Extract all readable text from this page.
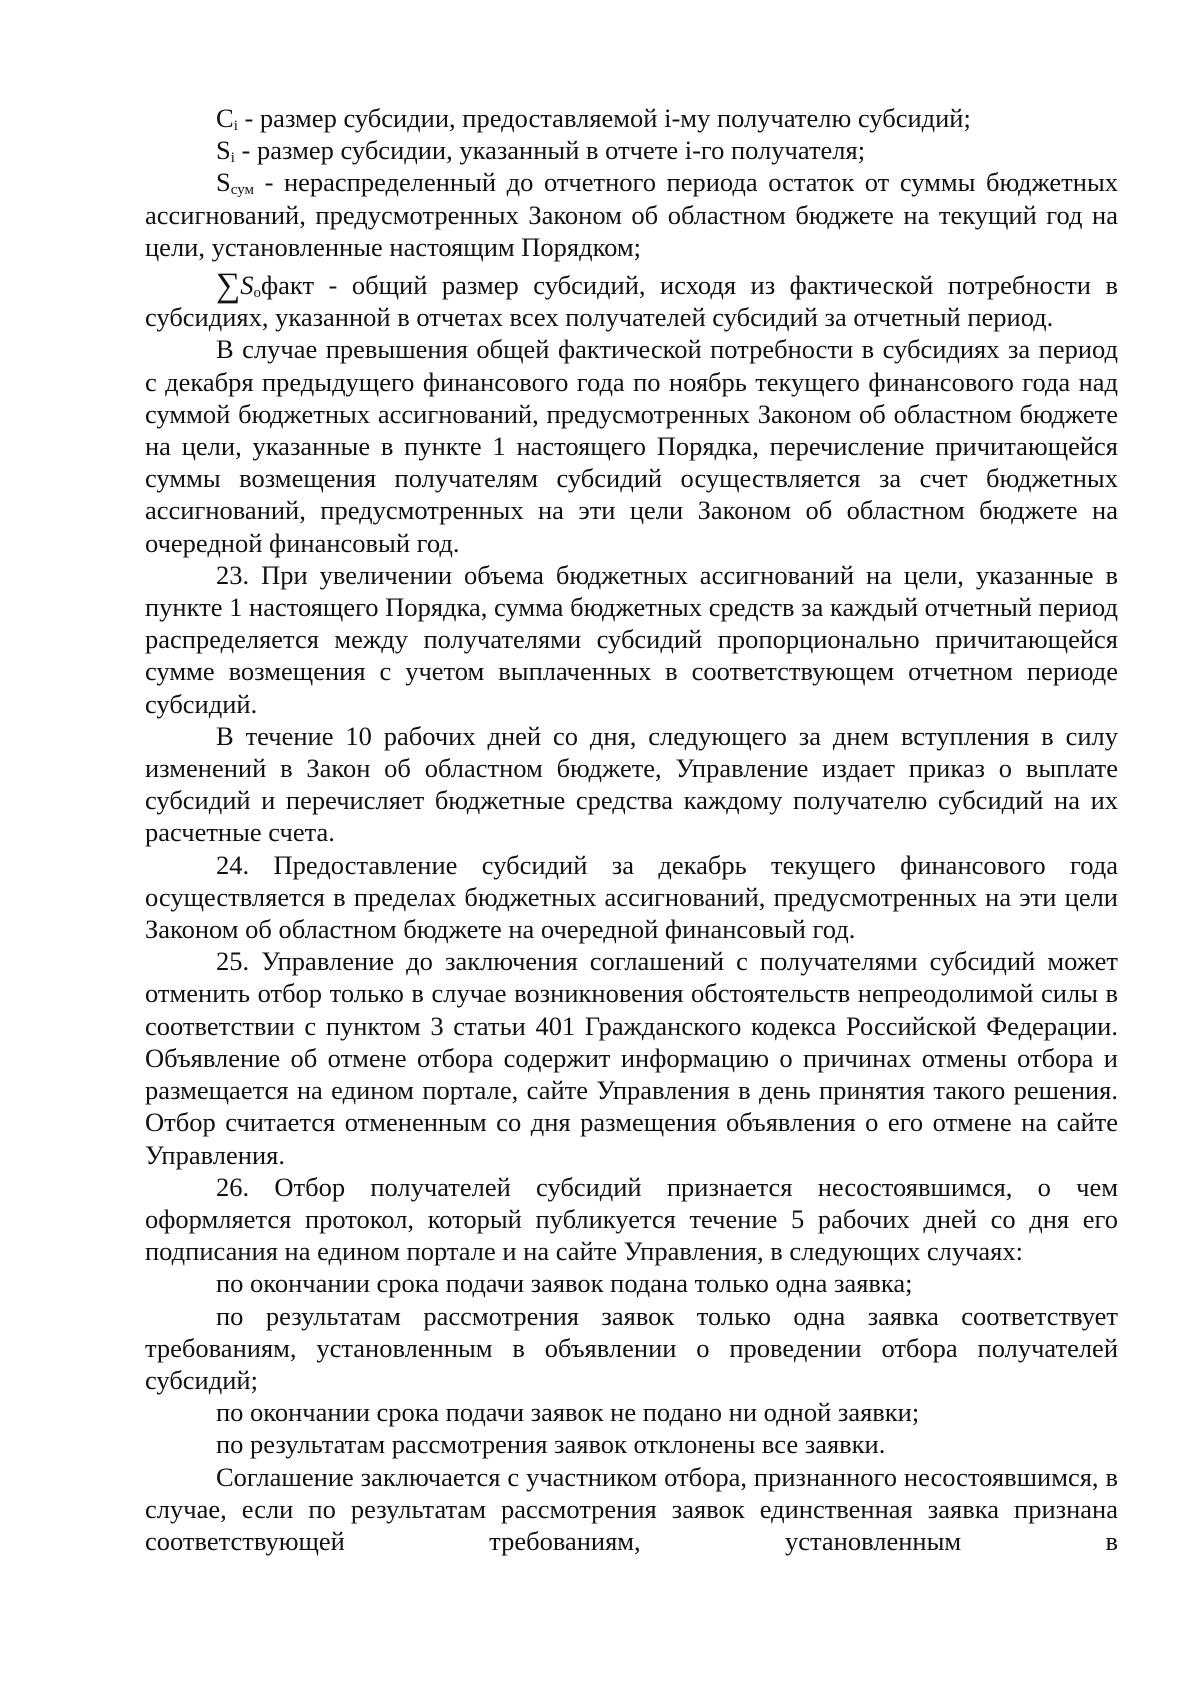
$C_i$ - размер субсидии, предоставляемой i-му получателю субсидий;

$S_i$ - размер субсидии, указанный в отчете i-го получателя;

$S_{сум}$ - нераспределенный до отчетного периода остаток от суммы бюджетных ассигнований, предусмотренных Законом об областном бюджете на текущий год на цели, установленные настоящим Порядком;

$\sum S_oфакт$ - общий размер субсидий, исходя из фактической потребности в субсидиях, указанной в отчетах всех получателей субсидий за отчетный период.

В случае превышения общей фактической потребности в субсидиях за период с декабря предыдущего финансового года по ноябрь текущего финансового года над суммой бюджетных ассигнований, предусмотренных Законом об областном бюджете на цели, указанные в пункте 1 настоящего Порядка, перечисление причитающейся суммы возмещения получателям субсидий осуществляется за счет бюджетных ассигнований, предусмотренных на эти цели Законом об областном бюджете на очередной финансовый год.

23. При увеличении объема бюджетных ассигнований на цели, указанные в пункте 1 настоящего Порядка, сумма бюджетных средств за каждый отчетный период распределяется между получателями субсидий пропорционально причитающейся сумме возмещения с учетом выплаченных в соответствующем отчетном периоде субсидий.

В течение 10 рабочих дней со дня, следующего за днем вступления в силу изменений в Закон об областном бюджете, Управление издает приказ о выплате субсидий и перечисляет бюджетные средства каждому получателю субсидий на их расчетные счета.

24. Предоставление субсидий за декабрь текущего финансового года осуществляется в пределах бюджетных ассигнований, предусмотренных на эти цели Законом об областном бюджете на очередной финансовый год.

25. Управление до заключения соглашений с получателями субсидий может отменить отбор только в случае возникновения обстоятельств непреодолимой силы в соответствии с пунктом 3 статьи 401 Гражданского кодекса Российской Федерации. Объявление об отмене отбора содержит информацию о причинах отмены отбора и размещается на едином портале, сайте Управления в день принятия такого решения. Отбор считается отмененным со дня размещения объявления о его отмене на сайте Управления.

26. Отбор получателей субсидий признается несостоявшимся, о чем оформляется протокол, который публикуется течение 5 рабочих дней со дня его подписания на едином портале и на сайте Управления, в следующих случаях:

по окончании срока подачи заявок подана только одна заявка;

по результатам рассмотрения заявок только одна заявка соответствует требованиям, установленным в объявлении о проведении отбора получателей субсидий;

по окончании срока подачи заявок не подано ни одной заявки;

по результатам рассмотрения заявок отклонены все заявки.

Соглашение заключается с участником отбора, признанного несостоявшимся, в случае, если по результатам рассмотрения заявок единственная заявка признана соответствующей требованиям, установленным в
